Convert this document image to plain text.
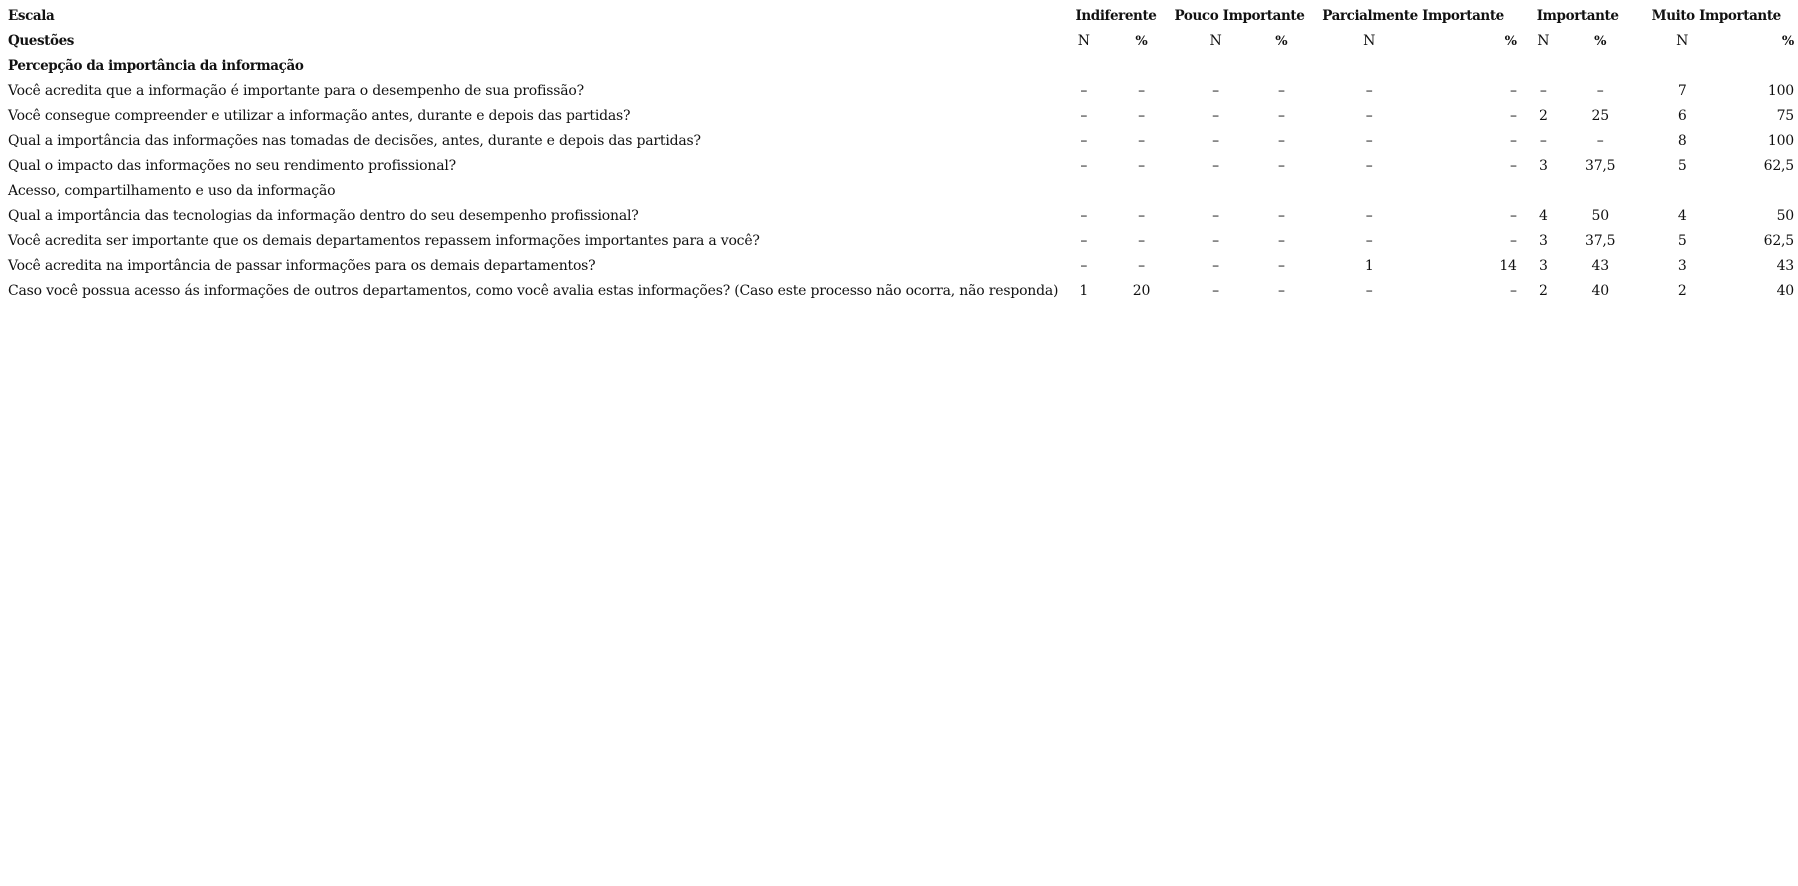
Escala	Indiferente		Pouco Importante		Parcialmente Importante		Importante		Muito Importante	
Questões	N	%	N	%	N	%	N	%	N	%
Percepção da importância da informação										
Você acredita que a informação é importante para o desempenho de sua profissão?	–	–	–	–	–	–	–	–	7	100
Você consegue compreender e utilizar a informação antes, durante e depois das partidas?	–	–	–	–	–	–	2	25	6	75
Qual a importância das informações nas tomadas de decisões, antes, durante e depois das partidas?	–	–	–	–	–	–	–	–	8	100
Qual o impacto das informações no seu rendimento profissional?	–	–	–	–	–	–	3	37,5	5	62,5
Acesso, compartilhamento e uso da informação										
Qual a importância das tecnologias da informação dentro do seu desempenho profissional?	–	–	–	–	–	–	4	50	4	50
Você acredita ser importante que os demais departamentos repassem informações importantes para a você?	–	–	–	–	–	–	3	37,5	5	62,5
Você acredita na importância de passar informações para os demais departamentos?	–	–	–	–	1	14	3	43	3	43
Caso você possua acesso ás informações de outros departamentos, como você avalia estas informações? (Caso este processo não ocorra, não responda)	1	20	–	–	–	–	2	40	2	40
